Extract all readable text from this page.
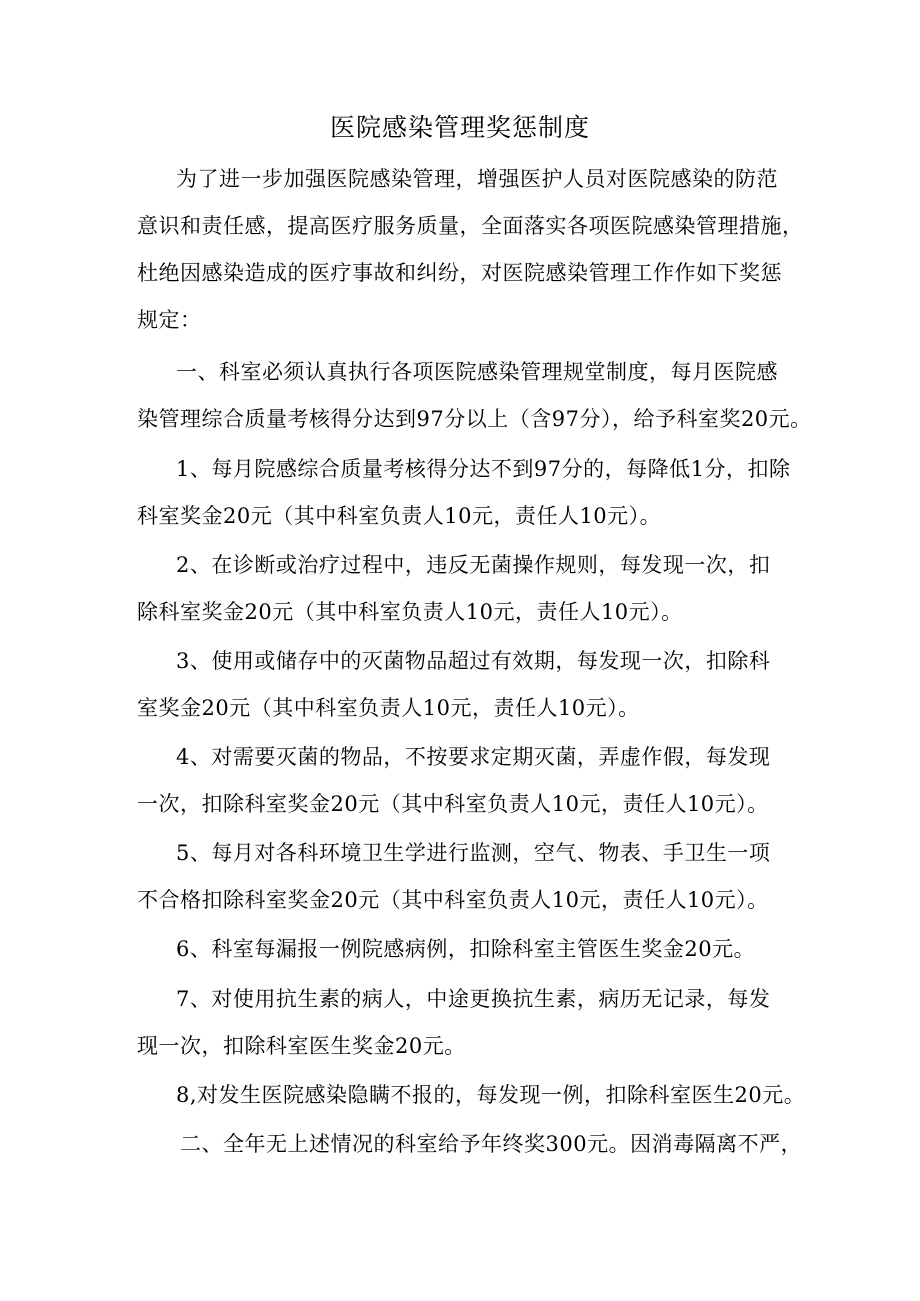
医院感染管理奖惩制度
为了进一步加强医院感染管理，增强医护人员对医院感染的防范
意识和责任感，提高医疗服务质量，全面落实各项医院感染管理措施，
杜绝因感染造成的医疗事故和纠纷，对医院感染管理工作作如下奖惩
规定：
一、科室必须认真执行各项医院感染管理规堂制度，每月医院感
染管理综合质量考核得分达到97分以上（含97分），给予科室奖20元。
1、每月院感综合质量考核得分达不到97分的，每降低1分，扣除
科室奖金20元（其中科室负责人10元，责任人10元）。
2、在诊断或治疗过程中，违反无菌操作规则，每发现一次，扣
除科室奖金20元（其中科室负责人10元，责任人10元）。
3、使用或储存中的灭菌物品超过有效期，每发现一次，扣除科
室奖金20元（其中科室负责人10元，责任人10元）。
4、对需要灭菌的物品，不按要求定期灭菌，弄虚作假，每发现
一次，扣除科室奖金20元（其中科室负责人10元，责任人10元）。
5、每月对各科环境卫生学进行监测，空气、物表、手卫生一项
不合格扣除科室奖金20元（其中科室负责人10元，责任人10元）。
6、科室每漏报一例院感病例，扣除科室主管医生奖金20元。
7、对使用抗生素的病人，中途更换抗生素，病历无记录，每发
现一次，扣除科室医生奖金20元。
8,对发生医院感染隐瞒不报的，每发现一例，扣除科室医生20元。
二、全年无上述情况的科室给予年终奖300元。因消毒隔离不严，
